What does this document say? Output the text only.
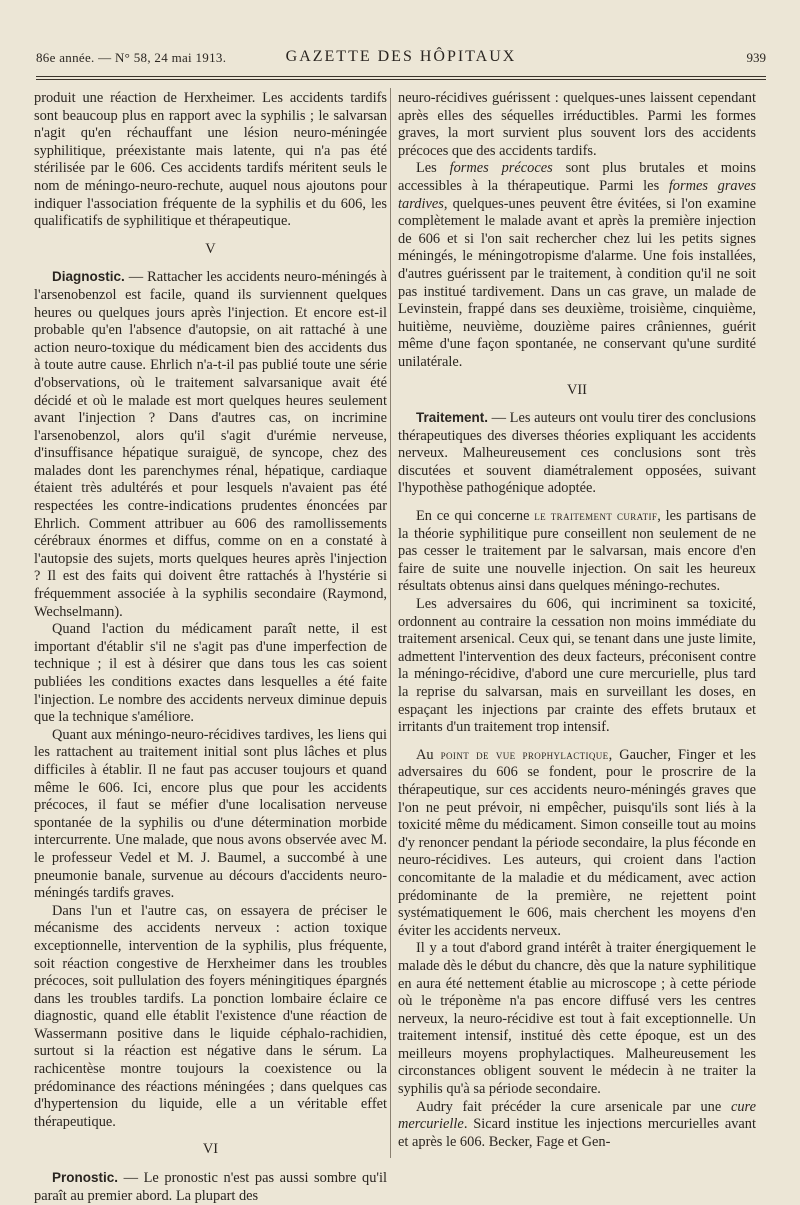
86e année. — N° 58, 24 mai 1913.	GAZETTE DES HÔPITAUX	939

produit une réaction de Herxheimer. Les accidents tardifs sont beaucoup plus en rapport avec la syphilis ; le salvarsan n'agit qu'en réchauffant une lésion neuro-méningée syphilitique, préexistante mais latente, qui n'a pas été stérilisée par le 606. Ces accidents tardifs méritent seuls le nom de méningo-neuro-rechute, auquel nous ajoutons pour indiquer l'association fréquente de la syphilis et du 606, les qualificatifs de syphilitique et thérapeutique.

V

Diagnostic. — Rattacher les accidents neuro-méningés à l'arsenobenzol est facile, quand ils surviennent quelques heures ou quelques jours après l'injection. Et encore est-il probable qu'en l'absence d'autopsie, on ait rattaché à une action neuro-toxique du médicament bien des accidents dus à toute autre cause. Ehrlich n'a-t-il pas publié toute une série d'observations, où le traitement salvarsanique avait été décidé et où le malade est mort quelques heures seulement avant l'injection ? Dans d'autres cas, on incrimine l'arsenobenzol, alors qu'il s'agit d'urémie nerveuse, d'insuffisance hépatique suraiguë, de syncope, chez des malades dont les parenchymes rénal, hépatique, cardiaque étaient très adultérés et pour lesquels n'avaient pas été respectées les contre-indications prudentes énoncées par Ehrlich. Comment attribuer au 606 des ramollissements cérébraux énormes et diffus, comme on en a constaté à l'autopsie des sujets, morts quelques heures après l'injection ? Il est des faits qui doivent être rattachés à l'hystérie si fréquemment associée à la syphilis secondaire (Raymond, Wechselmann).

Quand l'action du médicament paraît nette, il est important d'établir s'il ne s'agit pas d'une imperfection de technique ; il est à désirer que dans tous les cas soient publiées les conditions exactes dans lesquelles a été faite l'injection. Le nombre des accidents nerveux diminue depuis que la technique s'améliore.

Quant aux méningo-neuro-récidives tardives, les liens qui les rattachent au traitement initial sont plus lâches et plus difficiles à établir. Il ne faut pas accuser toujours et quand même le 606. Ici, encore plus que pour les accidents précoces, il faut se méfier d'une localisation nerveuse spontanée de la syphilis ou d'une détermination morbide intercurrente. Une malade, que nous avons observée avec M. le professeur Vedel et M. J. Baumel, a succombé à une pneumonie banale, survenue au décours d'accidents neuro-méningés tardifs graves.

Dans l'un et l'autre cas, on essayera de préciser le mécanisme des accidents nerveux : action toxique exceptionnelle, intervention de la syphilis, plus fréquente, soit réaction congestive de Herxheimer dans les troubles précoces, soit pullulation des foyers méningitiques épargnés dans les troubles tardifs. La ponction lombaire éclaire ce diagnostic, quand elle établit l'existence d'une réaction de Wassermann positive dans le liquide céphalo-rachidien, surtout si la réaction est négative dans le sérum. La rachicentèse montre toujours la coexistence ou la prédominance des réactions méningées ; dans quelques cas d'hypertension du liquide, elle a un véritable effet thérapeutique.

VI

Pronostic. — Le pronostic n'est pas aussi sombre qu'il paraît au premier abord. La plupart des

neuro-récidives guérissent : quelques-unes laissent cependant après elles des séquelles irréductibles. Parmi les formes graves, la mort survient plus souvent lors des accidents précoces que des accidents tardifs.

Les formes précoces sont plus brutales et moins accessibles à la thérapeutique. Parmi les formes graves tardives, quelques-unes peuvent être évitées, si l'on examine complètement le malade avant et après la première injection de 606 et si l'on sait rechercher chez lui les petits signes méningés, le méningotropisme d'alarme. Une fois installées, d'autres guérissent par le traitement, à condition qu'il ne soit pas institué tardivement. Dans un cas grave, un malade de Levinstein, frappé dans ses deuxième, troisième, cinquième, huitième, neuvième, douzième paires crâniennes, guérit même d'une façon spontanée, ne conservant qu'une surdité unilatérale.

VII

Traitement. — Les auteurs ont voulu tirer des conclusions thérapeutiques des diverses théories expliquant les accidents nerveux. Malheureusement ces conclusions sont très discutées et souvent diamétralement opposées, suivant l'hypothèse pathogénique adoptée.

En ce qui concerne le traitement curatif, les partisans de la théorie syphilitique pure conseillent non seulement de ne pas cesser le traitement par le salvarsan, mais encore d'en faire de suite une nouvelle injection. On sait les heureux résultats obtenus ainsi dans quelques méningo-rechutes.

Les adversaires du 606, qui incriminent sa toxicité, ordonnent au contraire la cessation non moins immédiate du traitement arsenical. Ceux qui, se tenant dans une juste limite, admettent l'intervention des deux facteurs, préconisent contre la méningo-récidive, d'abord une cure mercurielle, plus tard la reprise du salvarsan, mais en surveillant les doses, en espaçant les injections par crainte des effets brutaux et irritants d'un traitement trop intensif.

Au point de vue prophylactique, Gaucher, Finger et les adversaires du 606 se fondent, pour le proscrire de la thérapeutique, sur ces accidents neuro-méningés graves que l'on ne peut prévoir, ni empêcher, puisqu'ils sont liés à la toxicité même du médicament. Simon conseille tout au moins d'y renoncer pendant la période secondaire, la plus féconde en neuro-récidives. Les auteurs, qui croient dans l'action concomitante de la maladie et du médicament, avec action prédominante de la première, ne rejettent point systématiquement le 606, mais cherchent les moyens d'en éviter les accidents nerveux.

Il y a tout d'abord grand intérêt à traiter énergiquement le malade dès le début du chancre, dès que la nature syphilitique en aura été nettement établie au microscope ; à cette période où le tréponème n'a pas encore diffusé vers les centres nerveux, la neuro-récidive est tout à fait exceptionnelle. Un traitement intensif, institué dès cette époque, est un des meilleurs moyens prophylactiques. Malheureusement les circonstances obligent souvent le médecin à ne traiter la syphilis qu'à sa période secondaire.

Audry fait précéder la cure arsenicale par une cure mercurielle. Sicard institue les injections mercurielles avant et après le 606. Becker, Fage et Gen-
